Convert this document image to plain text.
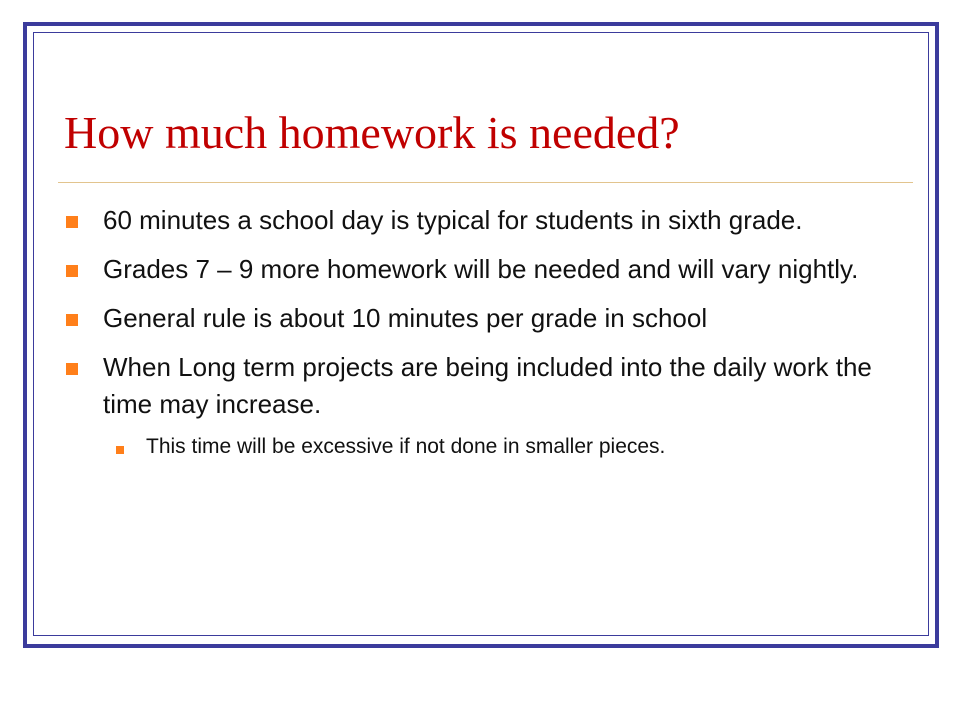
How much homework is needed?
60 minutes a school day is typical for students in sixth grade.
Grades 7 – 9 more homework will be needed and will vary nightly.
General rule is about 10 minutes per grade in school
When Long term projects are being included into the daily work the time may increase.
This time will be excessive if not done in smaller pieces.
